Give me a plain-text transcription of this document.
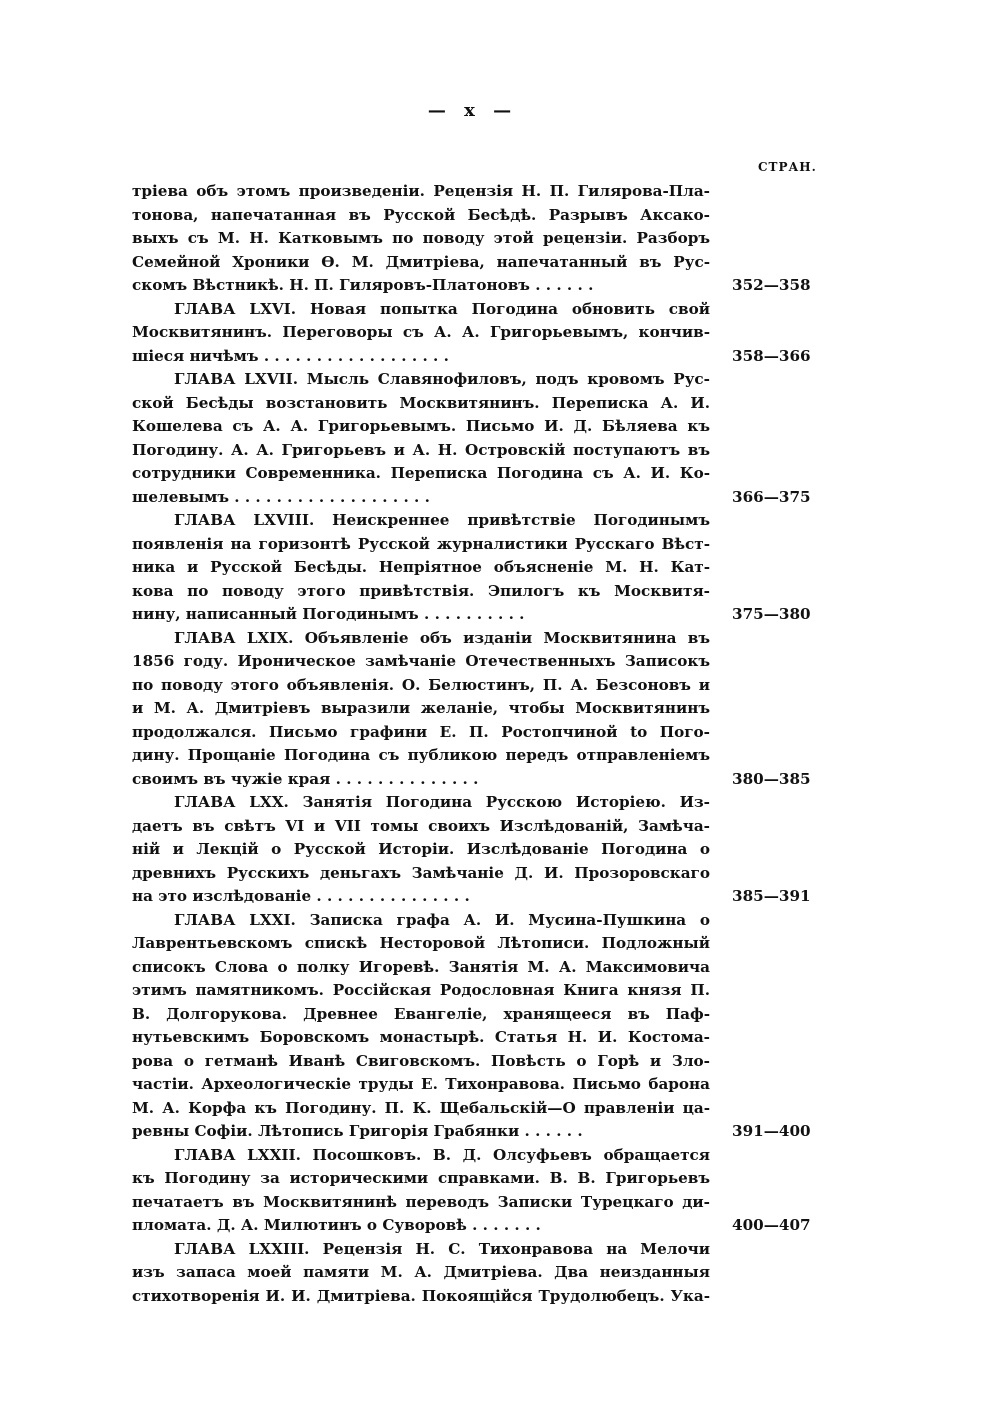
— x —
СТРАН.
тріева объ этомъ произведеніи. Рецензія Н. П. Гилярова-Пла-
тонова, напечатанная въ Русской Бесѣдѣ. Разрывъ Аксако-
выхъ съ М. Н. Катковымъ по поводу этой рецензіи. Разборъ
Семейной Хроники Ѳ. М. Дмитріева, напечатанный въ Рус-
скомъ Вѣстникѣ. Н. П. Гиляровъ-Платоновъ . . . . . .	352—358
ГЛАВА LXVI. Новая попытка Погодина обновить свой
Москвитянинъ. Переговоры съ А. А. Григорьевымъ, кончив-
шіеся ничѣмъ . . . . . . . . . . . . . . . . . .	358—366
ГЛАВА LXVII. Мысль Славянофиловъ, подъ кровомъ Рус-
ской Бесѣды возстановить Москвитянинъ. Переписка А. И.
Кошелева съ А. А. Григорьевымъ. Письмо И. Д. Бѣляева къ
Погодину. А. А. Григорьевъ и А. Н. Островскій поступаютъ въ
сотрудники Современника. Переписка Погодина съ А. И. Ко-
шелевымъ . . . . . . . . . . . . . . . . . . .	366—375
ГЛАВА LXVIII. Неискреннее привѣтствіе Погодинымъ
появленія на горизонтѣ Русской журналистики Русскаго Вѣст-
ника и Русской Бесѣды. Непріятное объясненіе М. Н. Кат-
кова по поводу этого привѣтствія. Эпилогъ къ Москвитя-
нину, написанный Погодинымъ . . . . . . . . . .	375—380
ГЛАВА LXIX. Объявленіе объ изданіи Москвитянина въ
1856 году. Ироническое замѣчаніе Отечественныхъ Записокъ
по поводу этого объявленія. О. Белюстинъ, П. А. Безсоновъ и
и М. А. Дмитріевъ выразили желаніе, чтобы Москвитянинъ
продолжался. Письмо графини Е. П. Ростопчиной to Пого-
дину. Прощаніе Погодина съ публикою передъ отправленіемъ
своимъ въ чужіе края . . . . . . . . . . . . . .	380—385
ГЛАВА LXX. Занятія Погодина Русскою Исторіею. Из-
даетъ въ свѣтъ VI и VII томы своихъ Изслѣдованій, Замѣча-
ній и Лекцій о Русской Исторіи. Изслѣдованіе Погодина о
древнихъ Русскихъ деньгахъ Замѣчаніе Д. И. Прозоровскаго
на это изслѣдованіе . . . . . . . . . . . . . . .	385—391
ГЛАВА LXXI. Записка графа А. И. Мусина-Пушкина о
Лаврентьевскомъ спискѣ Несторовой Лѣтописи. Подложный
списокъ Слова о полку Игоревѣ. Занятія М. А. Максимовича
этимъ памятникомъ. Россійская Родословная Книга князя П.
В. Долгорукова. Древнее Евангеліе, хранящееся въ Паф-
нутьевскимъ Боровскомъ монастырѣ. Статья Н. И. Костома-
рова о гетманѣ Иванѣ Свиговскомъ. Повѣсть о Горѣ и Зло-
частіи. Археологическіе труды Е. Тихонравова. Письмо барона
М. А. Корфа къ Погодину. П. К. Щебальскій—О правленіи ца-
ревны Софіи. Лѣтопись Григорія Грабянки . . . . . .	391—400
ГЛАВА LXXII. Посошковъ. В. Д. Олсуфьевъ обращается
къ Погодину за историческими справками. В. В. Григорьевъ
печатаетъ въ Москвитянинѣ переводъ Записки Турецкаго ди-
пломата. Д. А. Милютинъ о Суворовѣ . . . . . . .	400—407
ГЛАВА LXXIII. Рецензія Н. С. Тихонравова на Мелочи
изъ запаса моей памяти М. А. Дмитріева. Два неизданныя
стихотворенія И. И. Дмитріева. Покоящійся Трудолюбецъ. Ука-
